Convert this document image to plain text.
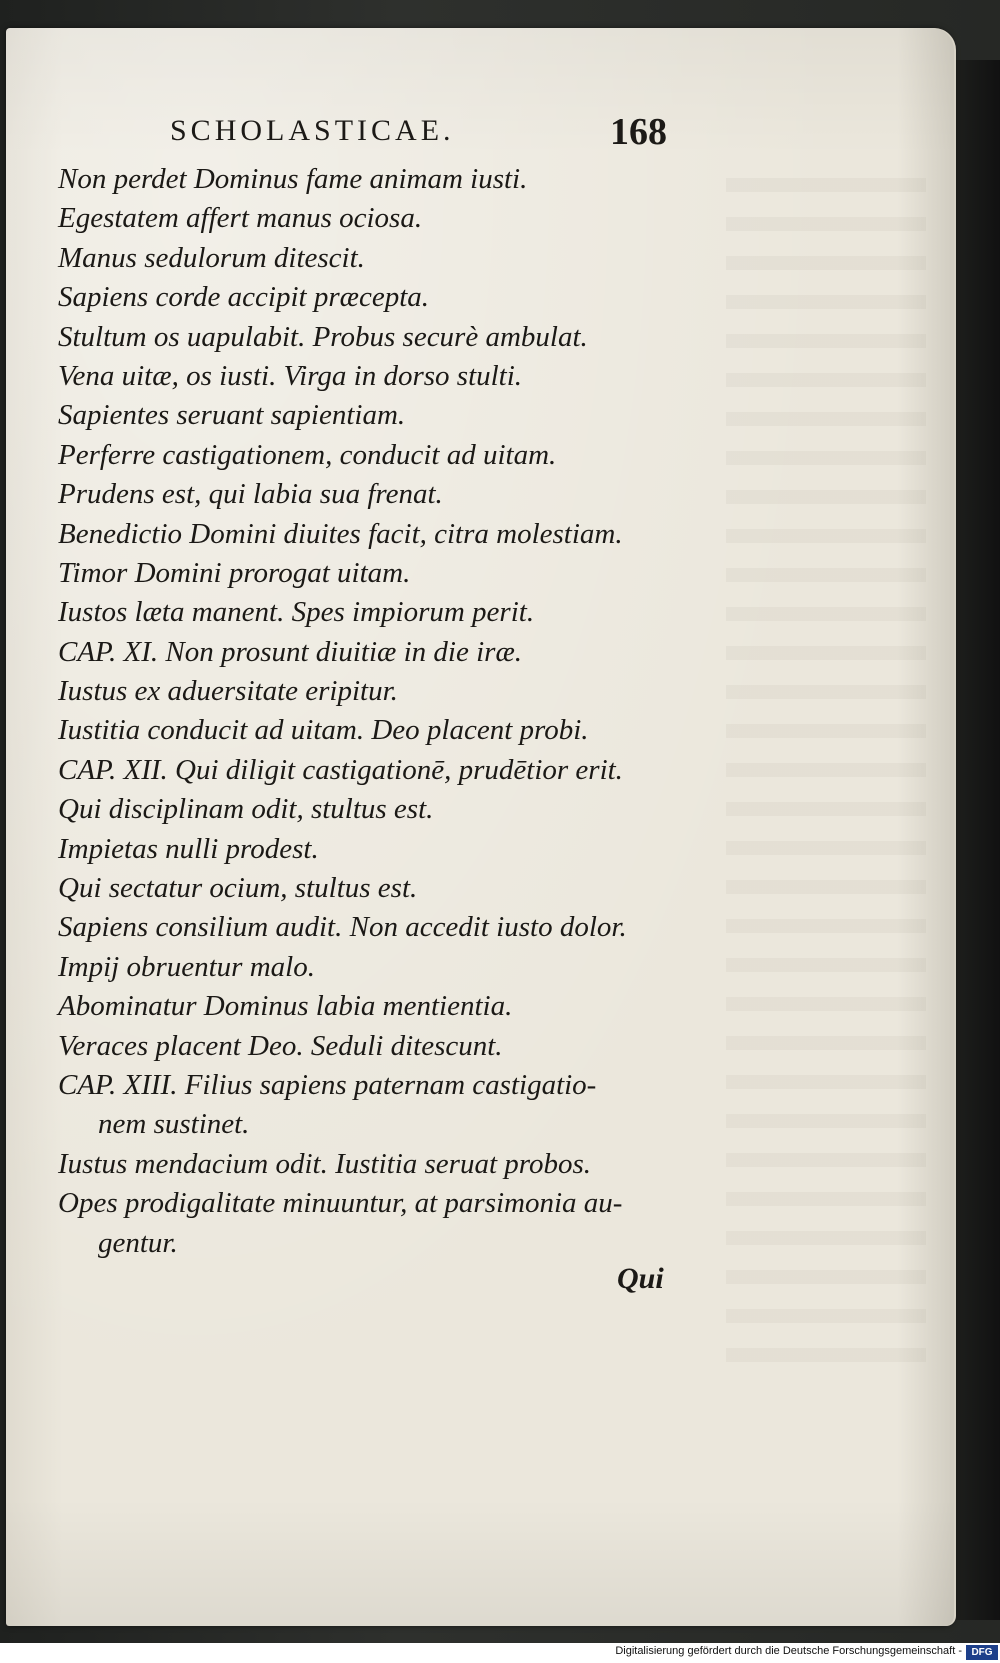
SCHOLASTICAE.	168
Non perdet Dominus fame animam iusti.
Egestatem affert manus ociosa.
Manus sedulorum ditescit.
Sapiens corde accipit præcepta.
Stultum os uapulabit. Probus securè ambulat.
Vena uitæ, os iusti. Virga in dorso stulti.
Sapientes seruant sapientiam.
Perferre castigationem, conducit ad uitam.
Prudens est, qui labia sua frenat.
Benedictio Domini diuites facit, citra molestiam.
Timor Domini prorogat uitam.
Iustos læta manent. Spes impiorum perit.
CAP. XI. Non prosunt diuitiæ in die iræ.
Iustus ex aduersitate eripitur.
Iustitia conducit ad uitam. Deo placent probi.
CAP. XII. Qui diligit castigationē, prudētior erit.
Qui disciplinam odit, stultus est.
Impietas nulli prodest.
Qui sectatur ocium, stultus est.
Sapiens consilium audit. Non accedit iusto dolor.
Impij obruentur malo.
Abominatur Dominus labia mentientia.
Veraces placent Deo. Seduli ditescunt.
CAP. XIII. Filius sapiens paternam castigatio-
nem sustinet.
Iustus mendacium odit. Iustitia seruat probos.
Opes prodigalitate minuuntur, at parsimonia au-
gentur.
Qui
Digitalisierung gefördert durch die Deutsche Forschungsgemeinschaft - DFG
